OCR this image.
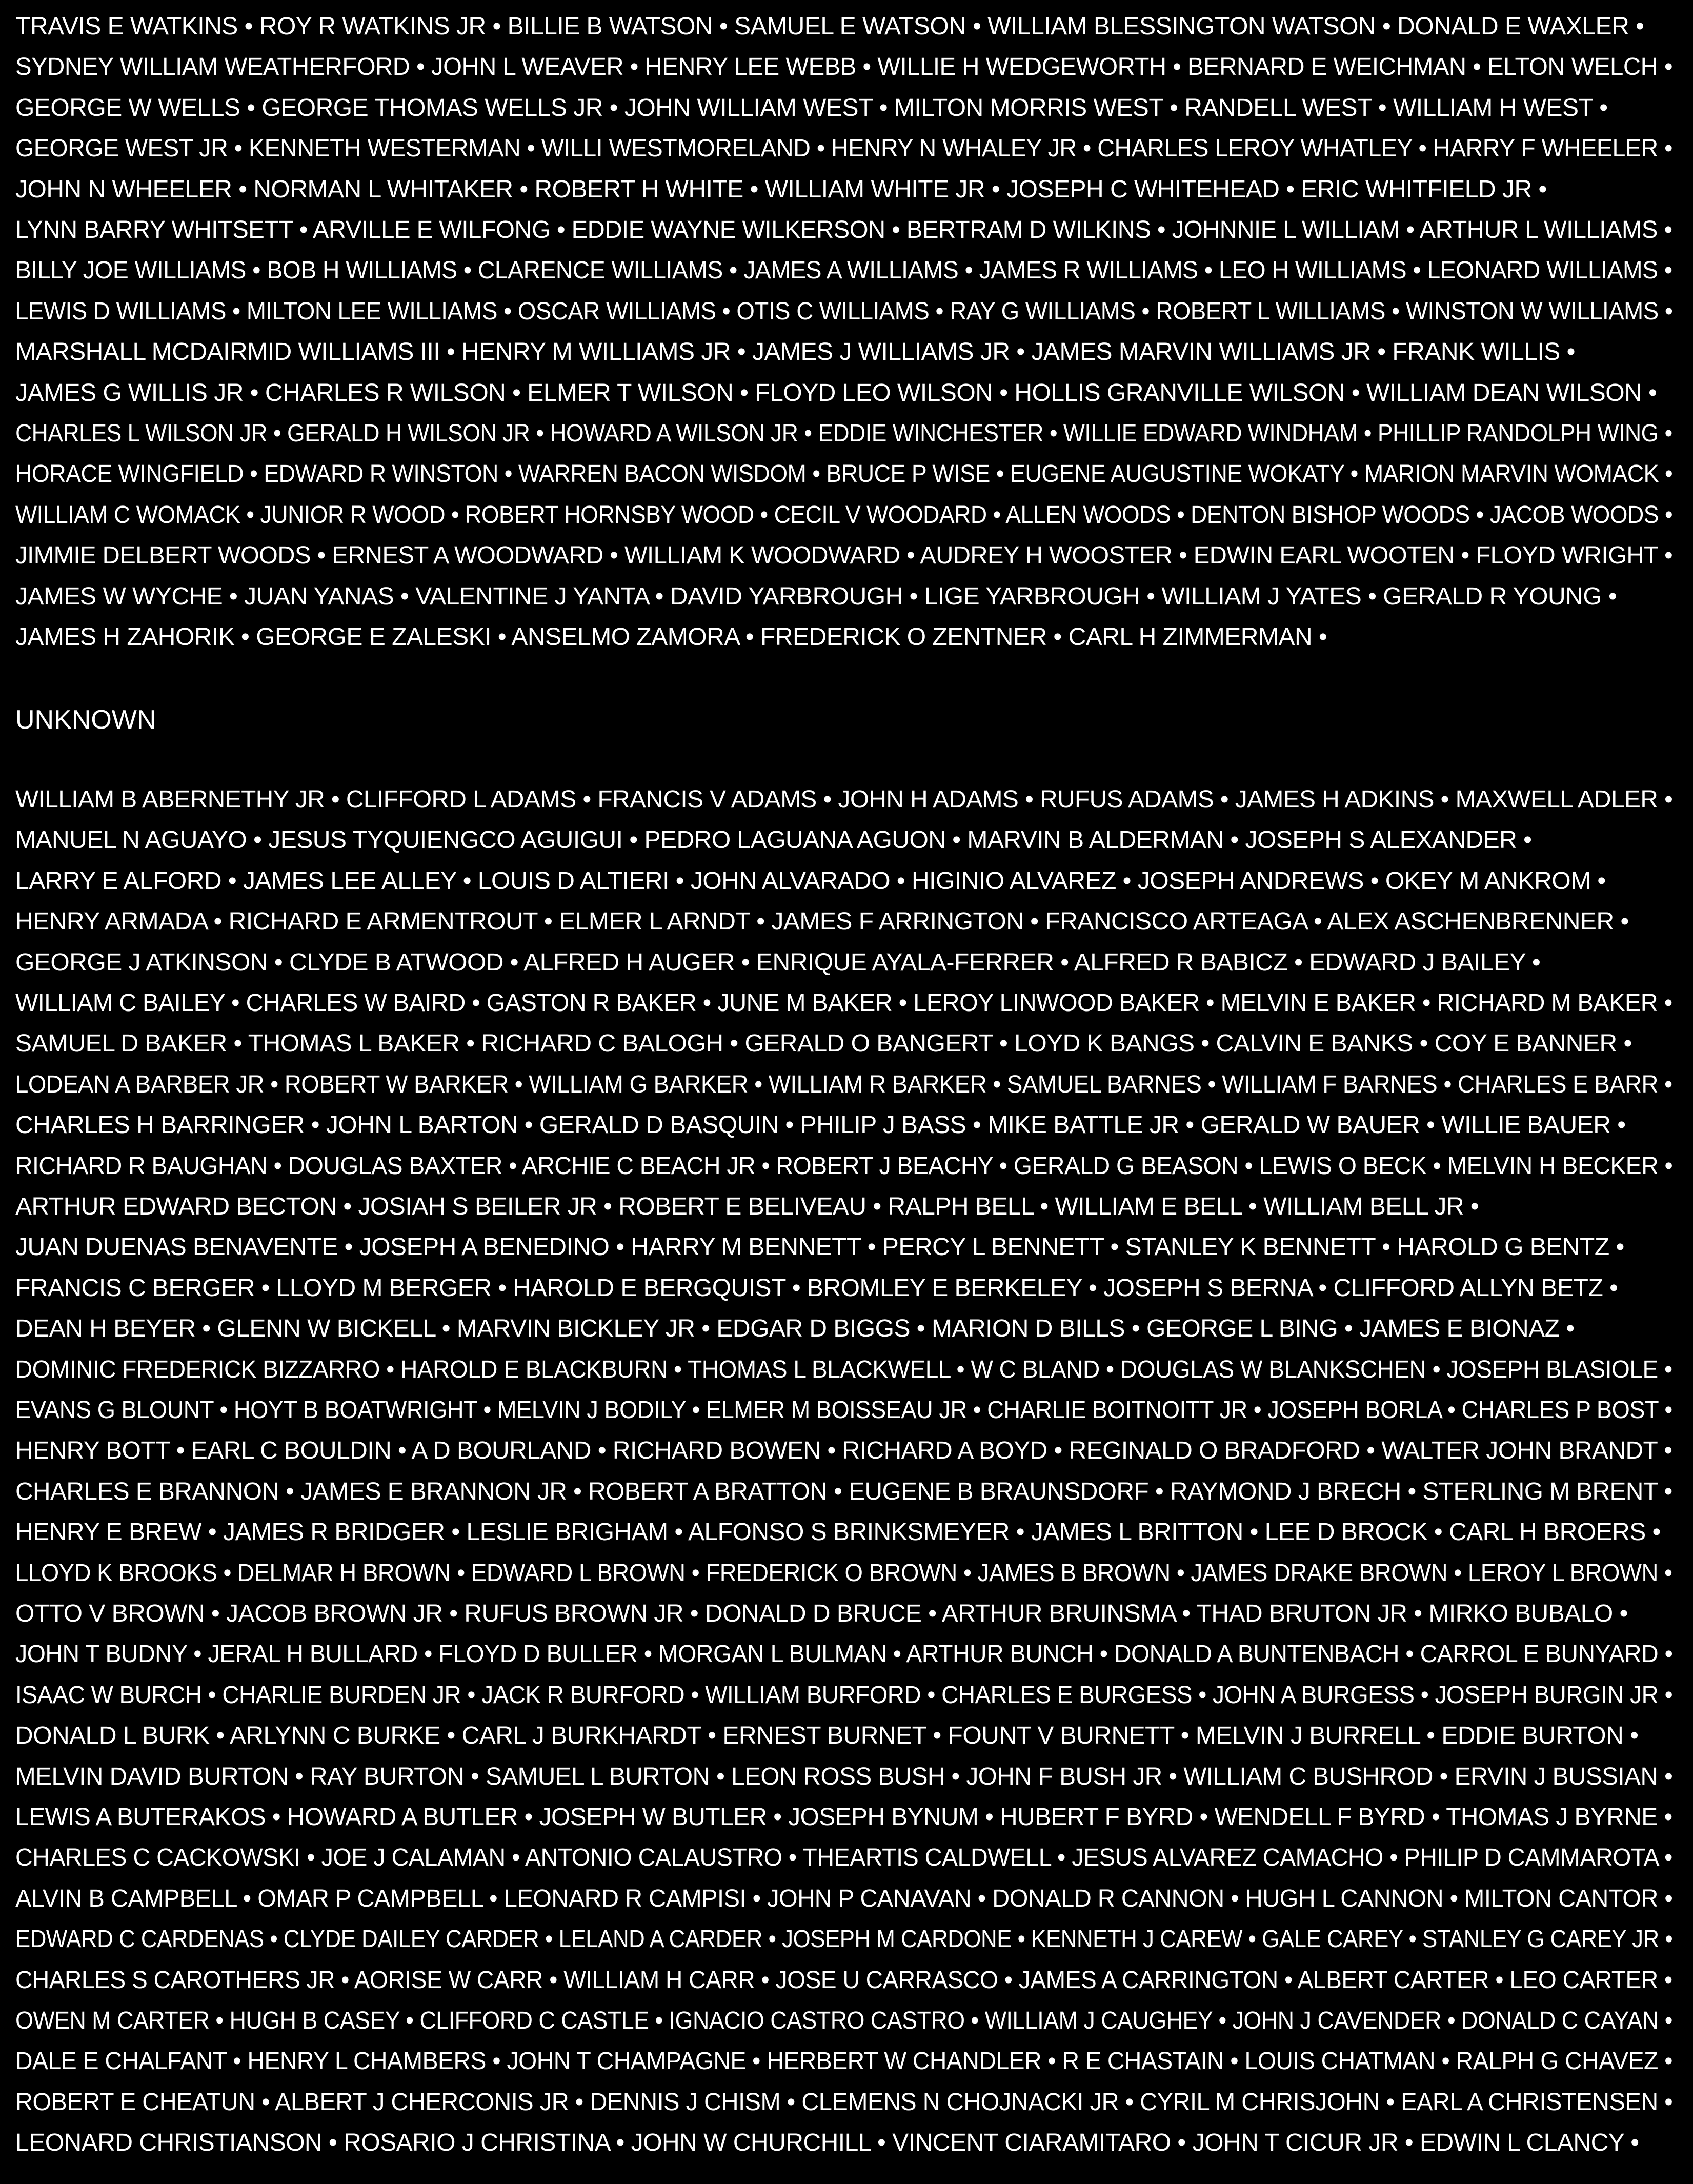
TRAVIS E WATKINS • ROY R WATKINS JR • BILLIE B WATSON • SAMUEL E WATSON • WILLIAM BLESSINGTON WATSON • DONALD E WAXLER •
SYDNEY WILLIAM WEATHERFORD • JOHN L WEAVER • HENRY LEE WEBB • WILLIE H WEDGEWORTH • BERNARD E WEICHMAN • ELTON WELCH •
GEORGE W WELLS • GEORGE THOMAS WELLS JR • JOHN WILLIAM WEST • MILTON MORRIS WEST • RANDELL WEST • WILLIAM H WEST •
GEORGE WEST JR • KENNETH WESTERMAN • WILLI WESTMORELAND • HENRY N WHALEY JR • CHARLES LEROY WHATLEY • HARRY F WHEELER •
JOHN N WHEELER • NORMAN L WHITAKER • ROBERT H WHITE • WILLIAM WHITE JR • JOSEPH C WHITEHEAD • ERIC WHITFIELD JR •
LYNN BARRY WHITSETT • ARVILLE E WILFONG • EDDIE WAYNE WILKERSON • BERTRAM D WILKINS • JOHNNIE L WILLIAM • ARTHUR L WILLIAMS •
BILLY JOE WILLIAMS • BOB H WILLIAMS • CLARENCE WILLIAMS • JAMES A WILLIAMS • JAMES R WILLIAMS • LEO H WILLIAMS • LEONARD WILLIAMS •
LEWIS D WILLIAMS • MILTON LEE WILLIAMS • OSCAR WILLIAMS • OTIS C WILLIAMS • RAY G WILLIAMS • ROBERT L WILLIAMS • WINSTON W WILLIAMS •
MARSHALL MCDAIRMID WILLIAMS III • HENRY M WILLIAMS JR • JAMES J WILLIAMS JR • JAMES MARVIN WILLIAMS JR • FRANK WILLIS •
JAMES G WILLIS JR • CHARLES R WILSON • ELMER T WILSON • FLOYD LEO WILSON • HOLLIS GRANVILLE WILSON • WILLIAM DEAN WILSON •
CHARLES L WILSON JR • GERALD H WILSON JR • HOWARD A WILSON JR • EDDIE WINCHESTER • WILLIE EDWARD WINDHAM • PHILLIP RANDOLPH WING •
HORACE WINGFIELD • EDWARD R WINSTON • WARREN BACON WISDOM • BRUCE P WISE • EUGENE AUGUSTINE WOKATY • MARION MARVIN WOMACK •
WILLIAM C WOMACK • JUNIOR R WOOD • ROBERT HORNSBY WOOD • CECIL V WOODARD • ALLEN WOODS • DENTON BISHOP WOODS • JACOB WOODS •
JIMMIE DELBERT WOODS • ERNEST A WOODWARD • WILLIAM K WOODWARD • AUDREY H WOOSTER • EDWIN EARL WOOTEN • FLOYD WRIGHT •
JAMES W WYCHE • JUAN YANAS • VALENTINE J YANTA • DAVID YARBROUGH • LIGE YARBROUGH • WILLIAM J YATES • GERALD R YOUNG •
JAMES H ZAHORIK • GEORGE E ZALESKI • ANSELMO ZAMORA • FREDERICK O ZENTNER • CARL H ZIMMERMAN •
UNKNOWN
WILLIAM B ABERNETHY JR • CLIFFORD L ADAMS • FRANCIS V ADAMS • JOHN H ADAMS • RUFUS ADAMS • JAMES H ADKINS • MAXWELL ADLER •
MANUEL N AGUAYO • JESUS TYQUIENGCO AGUIGUI • PEDRO LAGUANA AGUON • MARVIN B ALDERMAN • JOSEPH S ALEXANDER •
LARRY E ALFORD • JAMES LEE ALLEY • LOUIS D ALTIERI • JOHN ALVARADO • HIGINIO ALVAREZ • JOSEPH ANDREWS • OKEY M ANKROM •
HENRY ARMADA • RICHARD E ARMENTROUT • ELMER L ARNDT • JAMES F ARRINGTON • FRANCISCO ARTEAGA • ALEX ASCHENBRENNER •
GEORGE J ATKINSON • CLYDE B ATWOOD • ALFRED H AUGER • ENRIQUE AYALA-FERRER • ALFRED R BABICZ • EDWARD J BAILEY •
WILLIAM C BAILEY • CHARLES W BAIRD • GASTON R BAKER • JUNE M BAKER • LEROY LINWOOD BAKER • MELVIN E BAKER • RICHARD M BAKER •
SAMUEL D BAKER • THOMAS L BAKER • RICHARD C BALOGH • GERALD O BANGERT • LOYD K BANGS • CALVIN E BANKS • COY E BANNER •
LODEAN A BARBER JR • ROBERT W BARKER • WILLIAM G BARKER • WILLIAM R BARKER • SAMUEL BARNES • WILLIAM F BARNES • CHARLES E BARR •
CHARLES H BARRINGER • JOHN L BARTON • GERALD D BASQUIN • PHILIP J BASS • MIKE BATTLE JR • GERALD W BAUER • WILLIE BAUER •
RICHARD R BAUGHAN • DOUGLAS BAXTER • ARCHIE C BEACH JR • ROBERT J BEACHY • GERALD G BEASON • LEWIS O BECK • MELVIN H BECKER •
ARTHUR EDWARD BECTON • JOSIAH S BEILER JR • ROBERT E BELIVEAU • RALPH BELL • WILLIAM E BELL • WILLIAM BELL JR •
JUAN DUENAS BENAVENTE • JOSEPH A BENEDINO • HARRY M BENNETT • PERCY L BENNETT • STANLEY K BENNETT • HAROLD G BENTZ •
FRANCIS C BERGER • LLOYD M BERGER • HAROLD E BERGQUIST • BROMLEY E BERKELEY • JOSEPH S BERNA • CLIFFORD ALLYN BETZ •
DEAN H BEYER • GLENN W BICKELL • MARVIN BICKLEY JR • EDGAR D BIGGS • MARION D BILLS • GEORGE L BING • JAMES E BIONAZ •
DOMINIC FREDERICK BIZZARRO • HAROLD E BLACKBURN • THOMAS L BLACKWELL • W C BLAND • DOUGLAS W BLANKSCHEN • JOSEPH BLASIOLE •
EVANS G BLOUNT • HOYT B BOATWRIGHT • MELVIN J BODILY • ELMER M BOISSEAU JR • CHARLIE BOITNOITT JR • JOSEPH BORLA • CHARLES P BOST •
HENRY BOTT • EARL C BOULDIN • A D BOURLAND • RICHARD BOWEN • RICHARD A BOYD • REGINALD O BRADFORD • WALTER JOHN BRANDT •
CHARLES E BRANNON • JAMES E BRANNON JR • ROBERT A BRATTON • EUGENE B BRAUNSDORF • RAYMOND J BRECH • STERLING M BRENT •
HENRY E BREW • JAMES R BRIDGER • LESLIE BRIGHAM • ALFONSO S BRINKSMEYER • JAMES L BRITTON • LEE D BROCK • CARL H BROERS •
LLOYD K BROOKS • DELMAR H BROWN • EDWARD L BROWN • FREDERICK O BROWN • JAMES B BROWN • JAMES DRAKE BROWN • LEROY L BROWN •
OTTO V BROWN • JACOB BROWN JR • RUFUS BROWN JR • DONALD D BRUCE • ARTHUR BRUINSMA • THAD BRUTON JR • MIRKO BUBALO •
JOHN T BUDNY • JERAL H BULLARD • FLOYD D BULLER • MORGAN L BULMAN • ARTHUR BUNCH • DONALD A BUNTENBACH • CARROL E BUNYARD •
ISAAC W BURCH • CHARLIE BURDEN JR • JACK R BURFORD • WILLIAM BURFORD • CHARLES E BURGESS • JOHN A BURGESS • JOSEPH BURGIN JR •
DONALD L BURK • ARLYNN C BURKE • CARL J BURKHARDT • ERNEST BURNET • FOUNT V BURNETT • MELVIN J BURRELL • EDDIE BURTON •
MELVIN DAVID BURTON • RAY BURTON • SAMUEL L BURTON • LEON ROSS BUSH • JOHN F BUSH JR • WILLIAM C BUSHROD • ERVIN J BUSSIAN •
LEWIS A BUTERAKOS • HOWARD A BUTLER • JOSEPH W BUTLER • JOSEPH BYNUM • HUBERT F BYRD • WENDELL F BYRD • THOMAS J BYRNE •
CHARLES C CACKOWSKI • JOE J CALAMAN • ANTONIO CALAUSTRO • THEARTIS CALDWELL • JESUS ALVAREZ CAMACHO • PHILIP D CAMMAROTA •
ALVIN B CAMPBELL • OMAR P CAMPBELL • LEONARD R CAMPISI • JOHN P CANAVAN • DONALD R CANNON • HUGH L CANNON • MILTON CANTOR •
EDWARD C CARDENAS • CLYDE DAILEY CARDER • LELAND A CARDER • JOSEPH M CARDONE • KENNETH J CAREW • GALE CAREY • STANLEY G CAREY JR •
CHARLES S CAROTHERS JR • AORISE W CARR • WILLIAM H CARR • JOSE U CARRASCO • JAMES A CARRINGTON • ALBERT CARTER • LEO CARTER •
OWEN M CARTER • HUGH B CASEY • CLIFFORD C CASTLE • IGNACIO CASTRO CASTRO • WILLIAM J CAUGHEY • JOHN J CAVENDER • DONALD C CAYAN •
DALE E CHALFANT • HENRY L CHAMBERS • JOHN T CHAMPAGNE • HERBERT W CHANDLER • R E CHASTAIN • LOUIS CHATMAN • RALPH G CHAVEZ •
ROBERT E CHEATUN • ALBERT J CHERCONIS JR • DENNIS J CHISM • CLEMENS N CHOJNACKI JR • CYRIL M CHRISJOHN • EARL A CHRISTENSEN •
LEONARD CHRISTIANSON • ROSARIO J CHRISTINA • JOHN W CHURCHILL • VINCENT CIARAMITARO • JOHN T CICUR JR • EDWIN L CLANCY •
